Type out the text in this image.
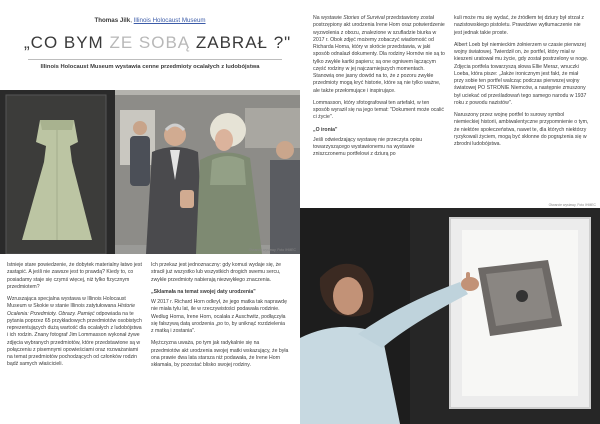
Thomas Jilk, Illinois Holocaust Museum
„CO BYM ZE SOBĄ ZABRAŁ ?"
Illinois Holocaust Museum wystawia cenne przedmioty ocalałych z ludobójstwa
Otwarcie wystawy, Foto IHMEC

Istnieje stare powiedzenie, że dobytek materialny łatwo jest zastąpić. A jeśli nie zawsze jest to prawdą? Kiedy to, co posiadamy staje się czymś więcej, niż tylko fizycznym przedmiotem?

Wzruszająca specjalna wystawa w Illinois Holocaust Museum w Skokie w stanie Illinois zatytułowana Historie Ocalenia: Przedmioty. Obrazy. Pamięć odpowiada na te pytania poprzez 65 przykładowych przedmiotów osobistych reprezentujących dużą wartość dla ocalałych z ludobójstwa i ich rodzin. Znany fotograf Jim Lommasson wykonał żywe zdjęcia wybranych przedmiotów, które przedstawione są w połączeniu z pisemnymi opowieściami oraz rozważaniami na temat przedmiotów pochodzących od członków rodzin bądź samych właścicieli.

Ich przekaz jest jednoznaczny: gdy komuś wydaje się, że stracił już wszystko lub wszystkich drogich swemu sercu, zwykłe przedmioty nabierają niezwykłego znaczenia.

„Sklamała na temat swojej daty urodzenia"

W 2017 r. Richard Horn odkrył, że jego matka tak naprawdę nie miała tylu lat, ile w rzeczywistości podawała rodzinie. Według Horna, Irene Horn, ocalała z Auschwitz, podłączyła się fałszywą datą urodzenia „po to, by uniknąć rozdzielenia z matką i zostania".

Mężczyzna uważa, po tym jak radykalnie się na przedmiotów akt urodzenia swojej matki wskazujący, że była ona prawie dwa lata starsza niż podawała, że Irene Horn skłamała, by pozostać blisko swojej rodziny.

Na wystawie Stories of Survival przedstawiony został postrzępiony akt urodzenia Irene Horn oraz potwierdzenie wyzwolenia z obozu, znalezione w szufladzie biurka w 2017 r. Obok zdjęć możemy zobaczyć wiadomość od Richarda Horna, który w skrócie przedstawia, w jaki sposób odnalazł dokumenty. Dla rodziny Hornów nie są to tylko zwykłe kartki papieru; są one ogniwem łączącym część rodziny w jej najczarniejszych momentach. Stanowią one jasny dowód na to, że z pozoru zwykłe przedmioty mogą kryć historie, które są nie tylko ważne, ale także przełomujące i inspirujące.

Lommasson, który sfotografował ten artefakt, w ten sposób wyraził się na jego temat: "Dokument może ocalić ci życie".

„O ironia"

Jeśli odwiedzający wystawę nie przeczyta opisu towarzyszącego wystawionemu na wystawie zniszczonemu portfelowi z dziurą po

kuli może mu się wydać, że źródłem tej dziury był strzał z nazistowskiego pistoletu. Prawdziwe wytłumaczenie nie jest jednak takie proste.

Albert Loeb był niemieckim żołnierzem w czasie pierwszej wojny światowej. Twierdził on, że portfel, który miał w kieszeni uratował mu życie, gdy został postrzelony w nogę. Zdjęcia portfela towarzyszą słowa Ellie Meraz, wnuczki Loeba, która pisze: „Jakże ironicznym jest fakt, że miał przy sobie ten portfel walcząc podczas pierwszej wojny światowej PO STRONIE Niemców, a następnie zmuszony był uciekać od prześladowań tego samego narodu w 1937 roku z powodu nazistów".

Naruszony przez wojnę portfel to surowy symbol niemieckiej historii, ambiwalentyczne przypomnienie o tym, że niektóre społeczeństwa, nawet te, dla których niektórzy ryzykowali życiem, mogą być skłonne do pogrążenia się w zbrodni ludobójstwa.

Otwarcie wystawy, Foto IHMEC
